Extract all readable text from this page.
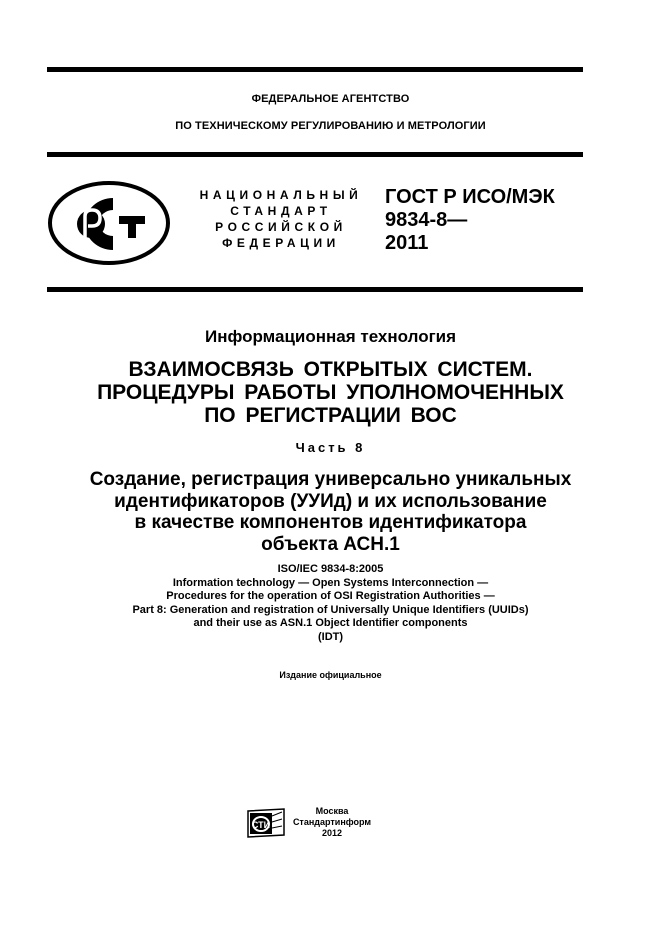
ФЕДЕРАЛЬНОЕ АГЕНТСТВО
ПО ТЕХНИЧЕСКОМУ РЕГУЛИРОВАНИЮ И МЕТРОЛОГИИ
НАЦИОНАЛЬНЫЙ
СТАНДАРТ
РОССИЙСКОЙ
ФЕДЕРАЦИИ
ГОСТ Р ИСО/МЭК
9834-8—
2011
Информационная технология
ВЗАИМОСВЯЗЬ ОТКРЫТЫХ СИСТЕМ.
ПРОЦЕДУРЫ РАБОТЫ УПОЛНОМОЧЕННЫХ
ПО РЕГИСТРАЦИИ ВОС
Часть 8
Создание, регистрация универсально уникальных
идентификаторов (УУИд) и их использование
в качестве компонентов идентификатора
объекта АСН.1
ISO/IEC 9834-8:2005
Information technology — Open Systems Interconnection —
Procedures for the operation of OSI Registration Authorities —
Part 8: Generation and registration of Universally Unique Identifiers (UUIDs)
and their use as ASN.1 Object Identifier components
(IDT)
Издание официальное
СТИ
Москва
Стандартинформ
2012
